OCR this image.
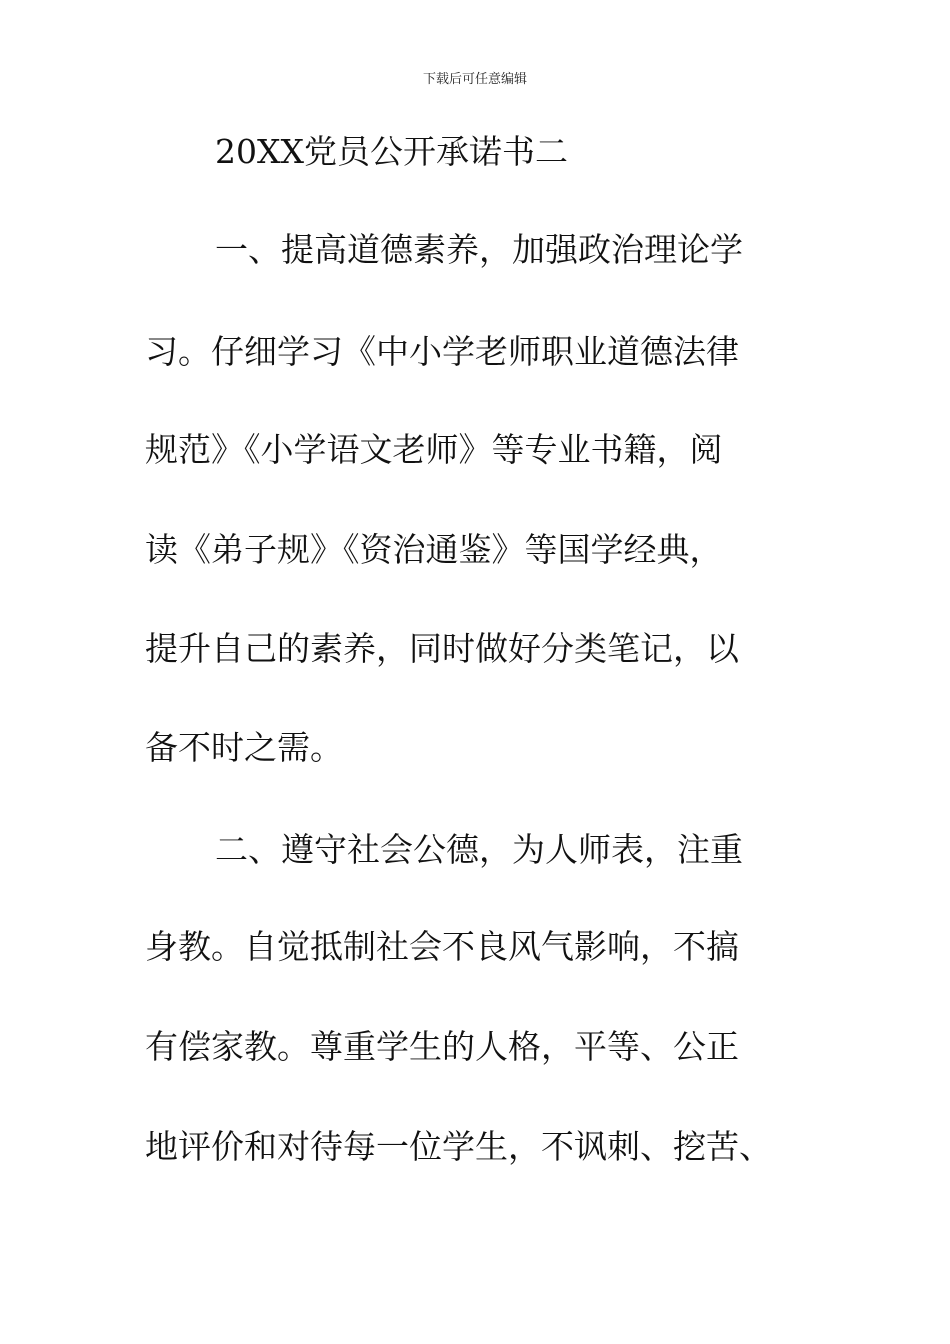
下载后可任意编辑
20XX党员公开承诺书二
一、提高道德素养，加强政治理论学
习。仔细学习《中小学老师职业道德法律
规范》《小学语文老师》等专业书籍，阅
读《弟子规》《资治通鉴》等国学经典，
提升自己的素养，同时做好分类笔记，以
备不时之需。
二、遵守社会公德，为人师表，注重
身教。自觉抵制社会不良风气影响，不搞
有偿家教。尊重学生的人格，平等、公正
地评价和对待每一位学生，不讽刺、挖苦、
